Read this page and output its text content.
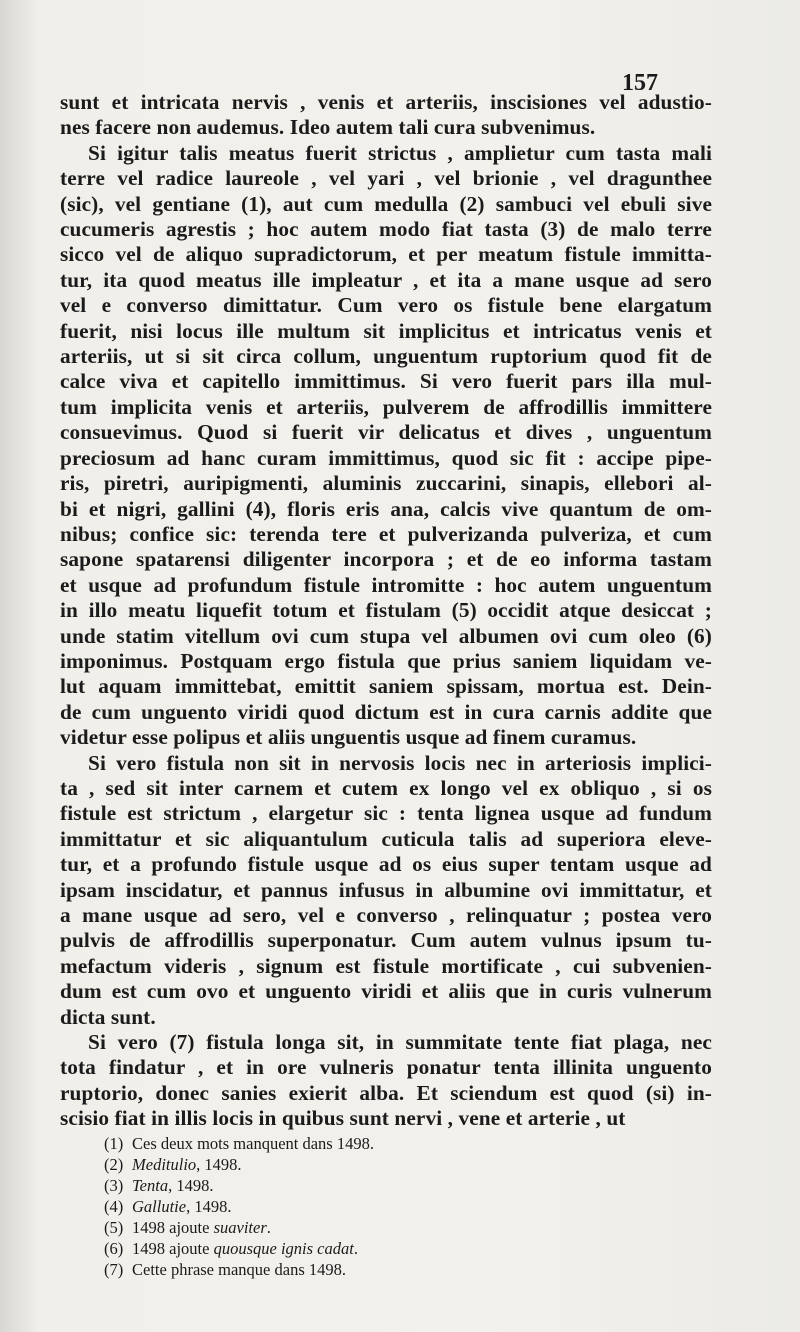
157
sunt et intricata nervis , venis et arteriis, inscisiones vel adustio-
nes facere non audemus. Ideo autem tali cura subvenimus.
Si igitur talis meatus fuerit strictus , amplietur cum tasta mali
terre vel radice laureole , vel yari , vel brionie , vel dragunthee
(sic), vel gentiane (1), aut cum medulla (2) sambuci vel ebuli sive
cucumeris agrestis ; hoc autem modo fiat tasta (3) de malo terre
sicco vel de aliquo supradictorum, et per meatum fistule immitta-
tur, ita quod meatus ille impleatur , et ita a mane usque ad sero
vel e converso dimittatur. Cum vero os fistule bene elargatum
fuerit, nisi locus ille multum sit implicitus et intricatus venis et
arteriis, ut si sit circa collum, unguentum ruptorium quod fit de
calce viva et capitello immittimus. Si vero fuerit pars illa mul-
tum implicita venis et arteriis, pulverem de affrodillis immittere
consuevimus. Quod si fuerit vir delicatus et dives , unguentum
preciosum ad hanc curam immittimus, quod sic fit : accipe pipe-
ris, piretri, auripigmenti, aluminis zuccarini, sinapis, ellebori al-
bi et nigri, gallini (4), floris eris ana, calcis vive quantum de om-
nibus; confice sic: terenda tere et pulverizanda pulveriza, et cum
sapone spatarensi diligenter incorpora ; et de eo informa tastam
et usque ad profundum fistule intromitte : hoc autem unguentum
in illo meatu liquefit totum et fistulam (5) occidit atque desiccat ;
unde statim vitellum ovi cum stupa vel albumen ovi cum oleo (6)
imponimus. Postquam ergo fistula que prius saniem liquidam ve-
lut aquam immittebat, emittit saniem spissam, mortua est. Dein-
de cum unguento viridi quod dictum est in cura carnis addite que
videtur esse polipus et aliis unguentis usque ad finem curamus.
Si vero fistula non sit in nervosis locis nec in arteriosis implici-
ta , sed sit inter carnem et cutem ex longo vel ex obliquo , si os
fistule est strictum , elargetur sic : tenta lignea usque ad fundum
immittatur et sic aliquantulum cuticula talis ad superiora eleve-
tur, et a profundo fistule usque ad os eius super tentam usque ad
ipsam inscidatur, et pannus infusus in albumine ovi immittatur, et
a mane usque ad sero, vel e converso , relinquatur ; postea vero
pulvis de affrodillis superponatur. Cum autem vulnus ipsum tu-
mefactum videris , signum est fistule mortificate , cui subvenien-
dum est cum ovo et unguento viridi et aliis que in curis vulnerum
dicta sunt.
Si vero (7) fistula longa sit, in summitate tente fiat plaga, nec
tota findatur , et in ore vulneris ponatur tenta illinita unguento
ruptorio, donec sanies exierit alba. Et sciendum est quod (si) in-
scisio fiat in illis locis in quibus sunt nervi , vene et arterie , ut
(1) Ces deux mots manquent dans 1498.
(2) Meditulio, 1498.
(3) Tenta, 1498.
(4) Gallutie, 1498.
(5) 1498 ajoute suaviter.
(6) 1498 ajoute quousque ignis cadat.
(7) Cette phrase manque dans 1498.
